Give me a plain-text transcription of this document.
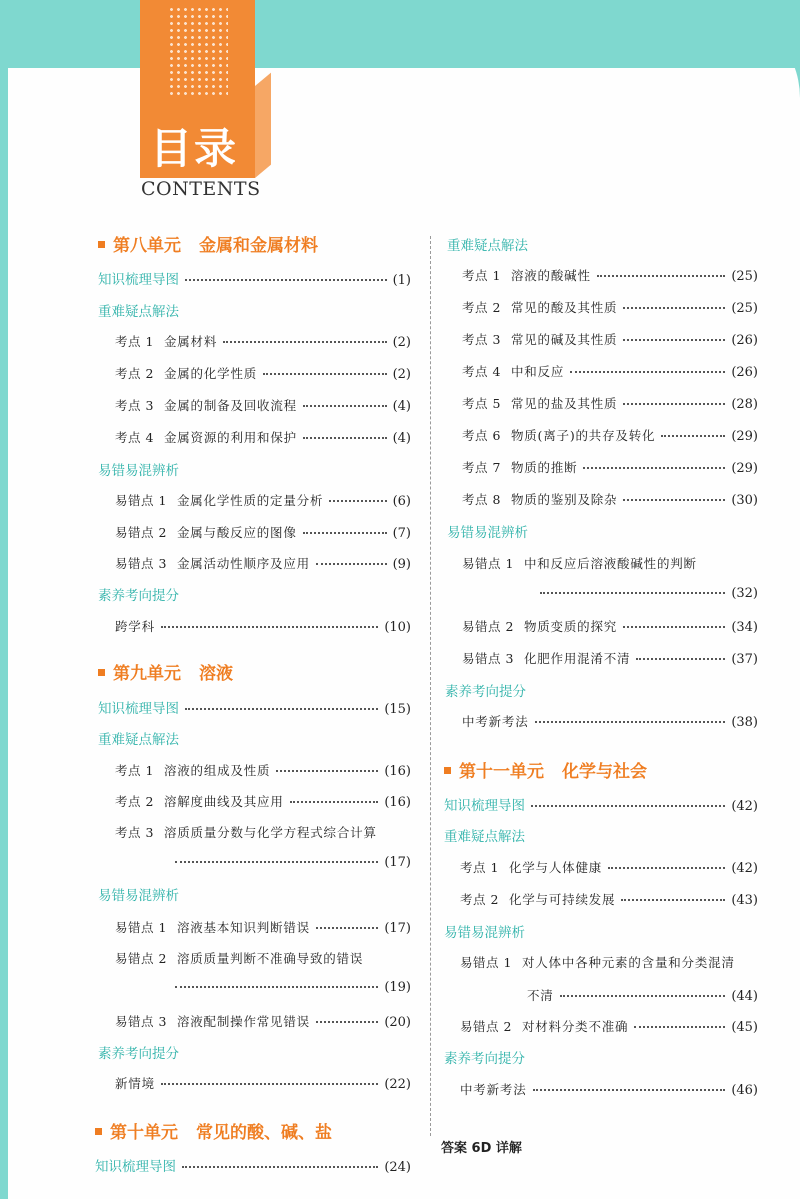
目录
CONTENTS
第八单元 金属和金属材料
知识梳理导图	(1)
重难疑点解法
考点 1 金属材料	(2)
考点 2 金属的化学性质	(2)
考点 3 金属的制备及回收流程	(4)
考点 4 金属资源的利用和保护	(4)
易错易混辨析
易错点 1 金属化学性质的定量分析	(6)
易错点 2 金属与酸反应的图像	(7)
易错点 3 金属活动性顺序及应用	(9)
素养考向提分
跨学科	(10)
第九单元 溶液
知识梳理导图	(15)
重难疑点解法
考点 1 溶液的组成及性质	(16)
考点 2 溶解度曲线及其应用	(16)
考点 3 溶质质量分数与化学方程式综合计算
(17)
易错易混辨析
易错点 1 溶液基本知识判断错误	(17)
易错点 2 溶质质量判断不准确导致的错误
(19)
易错点 3 溶液配制操作常见错误	(20)
素养考向提分
新情境	(22)
第十单元 常见的酸、碱、盐
知识梳理导图	(24)
重难疑点解法
考点 1 溶液的酸碱性	(25)
考点 2 常见的酸及其性质	(25)
考点 3 常见的碱及其性质	(26)
考点 4 中和反应	(26)
考点 5 常见的盐及其性质	(28)
考点 6 物质(离子)的共存及转化	(29)
考点 7 物质的推断	(29)
考点 8 物质的鉴别及除杂	(30)
易错易混辨析
易错点 1 中和反应后溶液酸碱性的判断
(32)
易错点 2 物质变质的探究	(34)
易错点 3 化肥作用混淆不清	(37)
素养考向提分
中考新考法	(38)
第十一单元 化学与社会
知识梳理导图	(42)
重难疑点解法
考点 1 化学与人体健康	(42)
考点 2 化学与可持续发展	(43)
易错易混辨析
易错点 1 对人体中各种元素的含量和分类混清
不清	(44)
易错点 2 对材料分类不准确	(45)
素养考向提分
中考新考法	(46)
答案 6D 详解
